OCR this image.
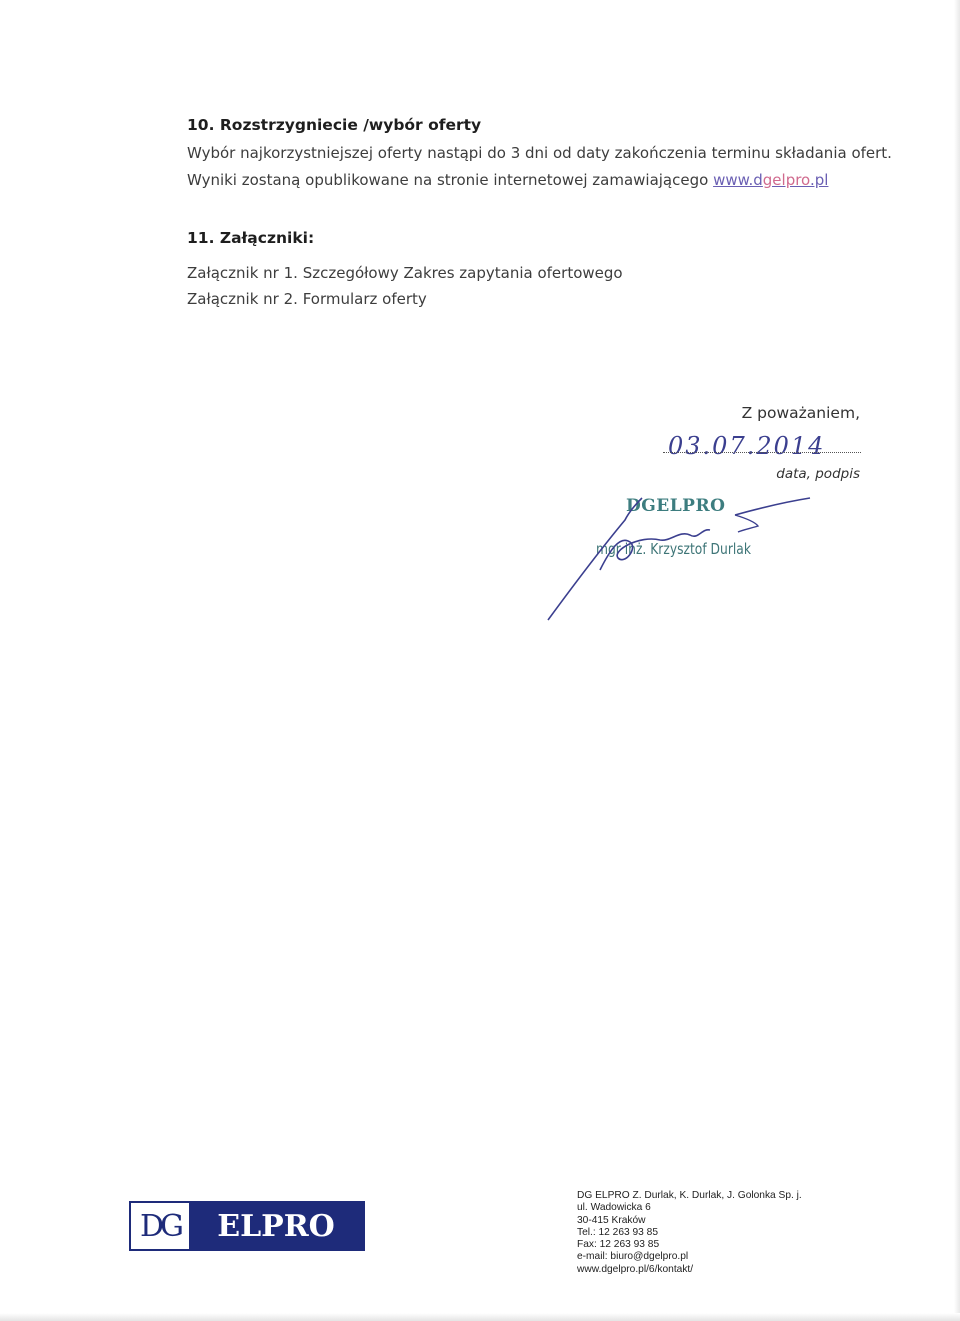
10. Rozstrzygniecie /wybór oferty

Wybór najkorzystniejszej oferty nastąpi do 3 dni od daty zakończenia terminu składania ofert.

Wyniki zostaną opublikowane na stronie internetowej zamawiającego www.dgelpro.pl

11. Załączniki:

Załącznik nr 1. Szczegółowy Zakres zapytania ofertowego

Załącznik nr 2. Formularz oferty

Z poważaniem,
03.07.2014
data, podpis
DGELPRO
mgr inż. Krzysztof Durlak
DG	ELPRO
DG ELPRO Z. Durlak, K. Durlak, J. Golonka Sp. j.
ul. Wadowicka 6
30-415 Kraków
Tel.: 12 263 93 85
Fax: 12 263 93 85
e-mail: biuro@dgelpro.pl
www.dgelpro.pl/6/kontakt/
